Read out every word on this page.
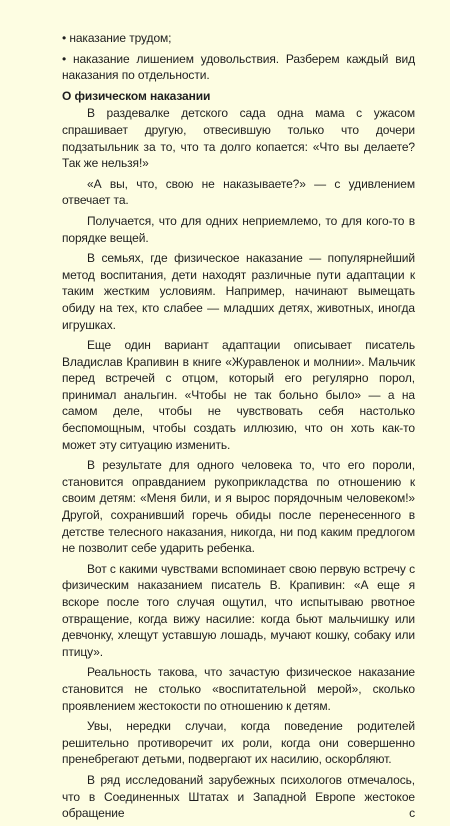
• наказание трудом;

• наказание лишением удовольствия. Разберем каждый вид наказания по отдельности.

О физическом наказании

В раздевалке детского сада одна мама с ужасом спрашивает другую, отвесившую только что дочери подзатыльник за то, что та долго копается: «Что вы делаете? Так же нельзя!»

«А вы, что, свою не наказываете?» — с удивлением отвечает та.

Получается, что для одних неприемлемо, то для кого-то в порядке вещей.

В семьях, где физическое наказание — популярнейший метод воспитания, дети находят различные пути адаптации к таким жестким условиям. Например, начинают вымещать обиду на тех, кто слабее — младших детях, животных, иногда игрушках.

Еще один вариант адаптации описывает писатель Владислав Крапивин в книге «Журавленок и молнии». Мальчик перед встречей с отцом, который его регулярно порол, принимал анальгин. «Чтобы не так больно было» — а на самом деле, чтобы не чувствовать себя настолько беспомощным, чтобы создать иллюзию, что он хоть как-то может эту ситуацию изменить.

В результате для одного человека то, что его пороли, становится оправданием рукоприкладства по отношению к своим детям: «Меня били, и я вырос порядочным человеком!» Другой, сохранивший горечь обиды после перенесенного в детстве телесного наказания, никогда, ни под каким предлогом не позволит себе ударить ребенка.

Вот с какими чувствами вспоминает свою первую встречу с физическим наказанием писатель В. Крапивин: «А еще я вскоре после того случая ощутил, что испытываю рвотное отвращение, когда вижу насилие: когда бьют мальчишку или девчонку, хлещут уставшую лошадь, мучают кошку, собаку или птицу».

Реальность такова, что зачастую физическое наказание становится не столько «воспитательной мерой», сколько проявлением жестокости по отношению к детям.

Увы, нередки случаи, когда поведение родителей решительно противоречит их роли, когда они совершенно пренебрегают детьми, подвергают их насилию, оскорбляют.

В ряд исследований зарубежных психологов отмечалось, что в Соединенных Штатах и Западной Европе жестокое обращение с
